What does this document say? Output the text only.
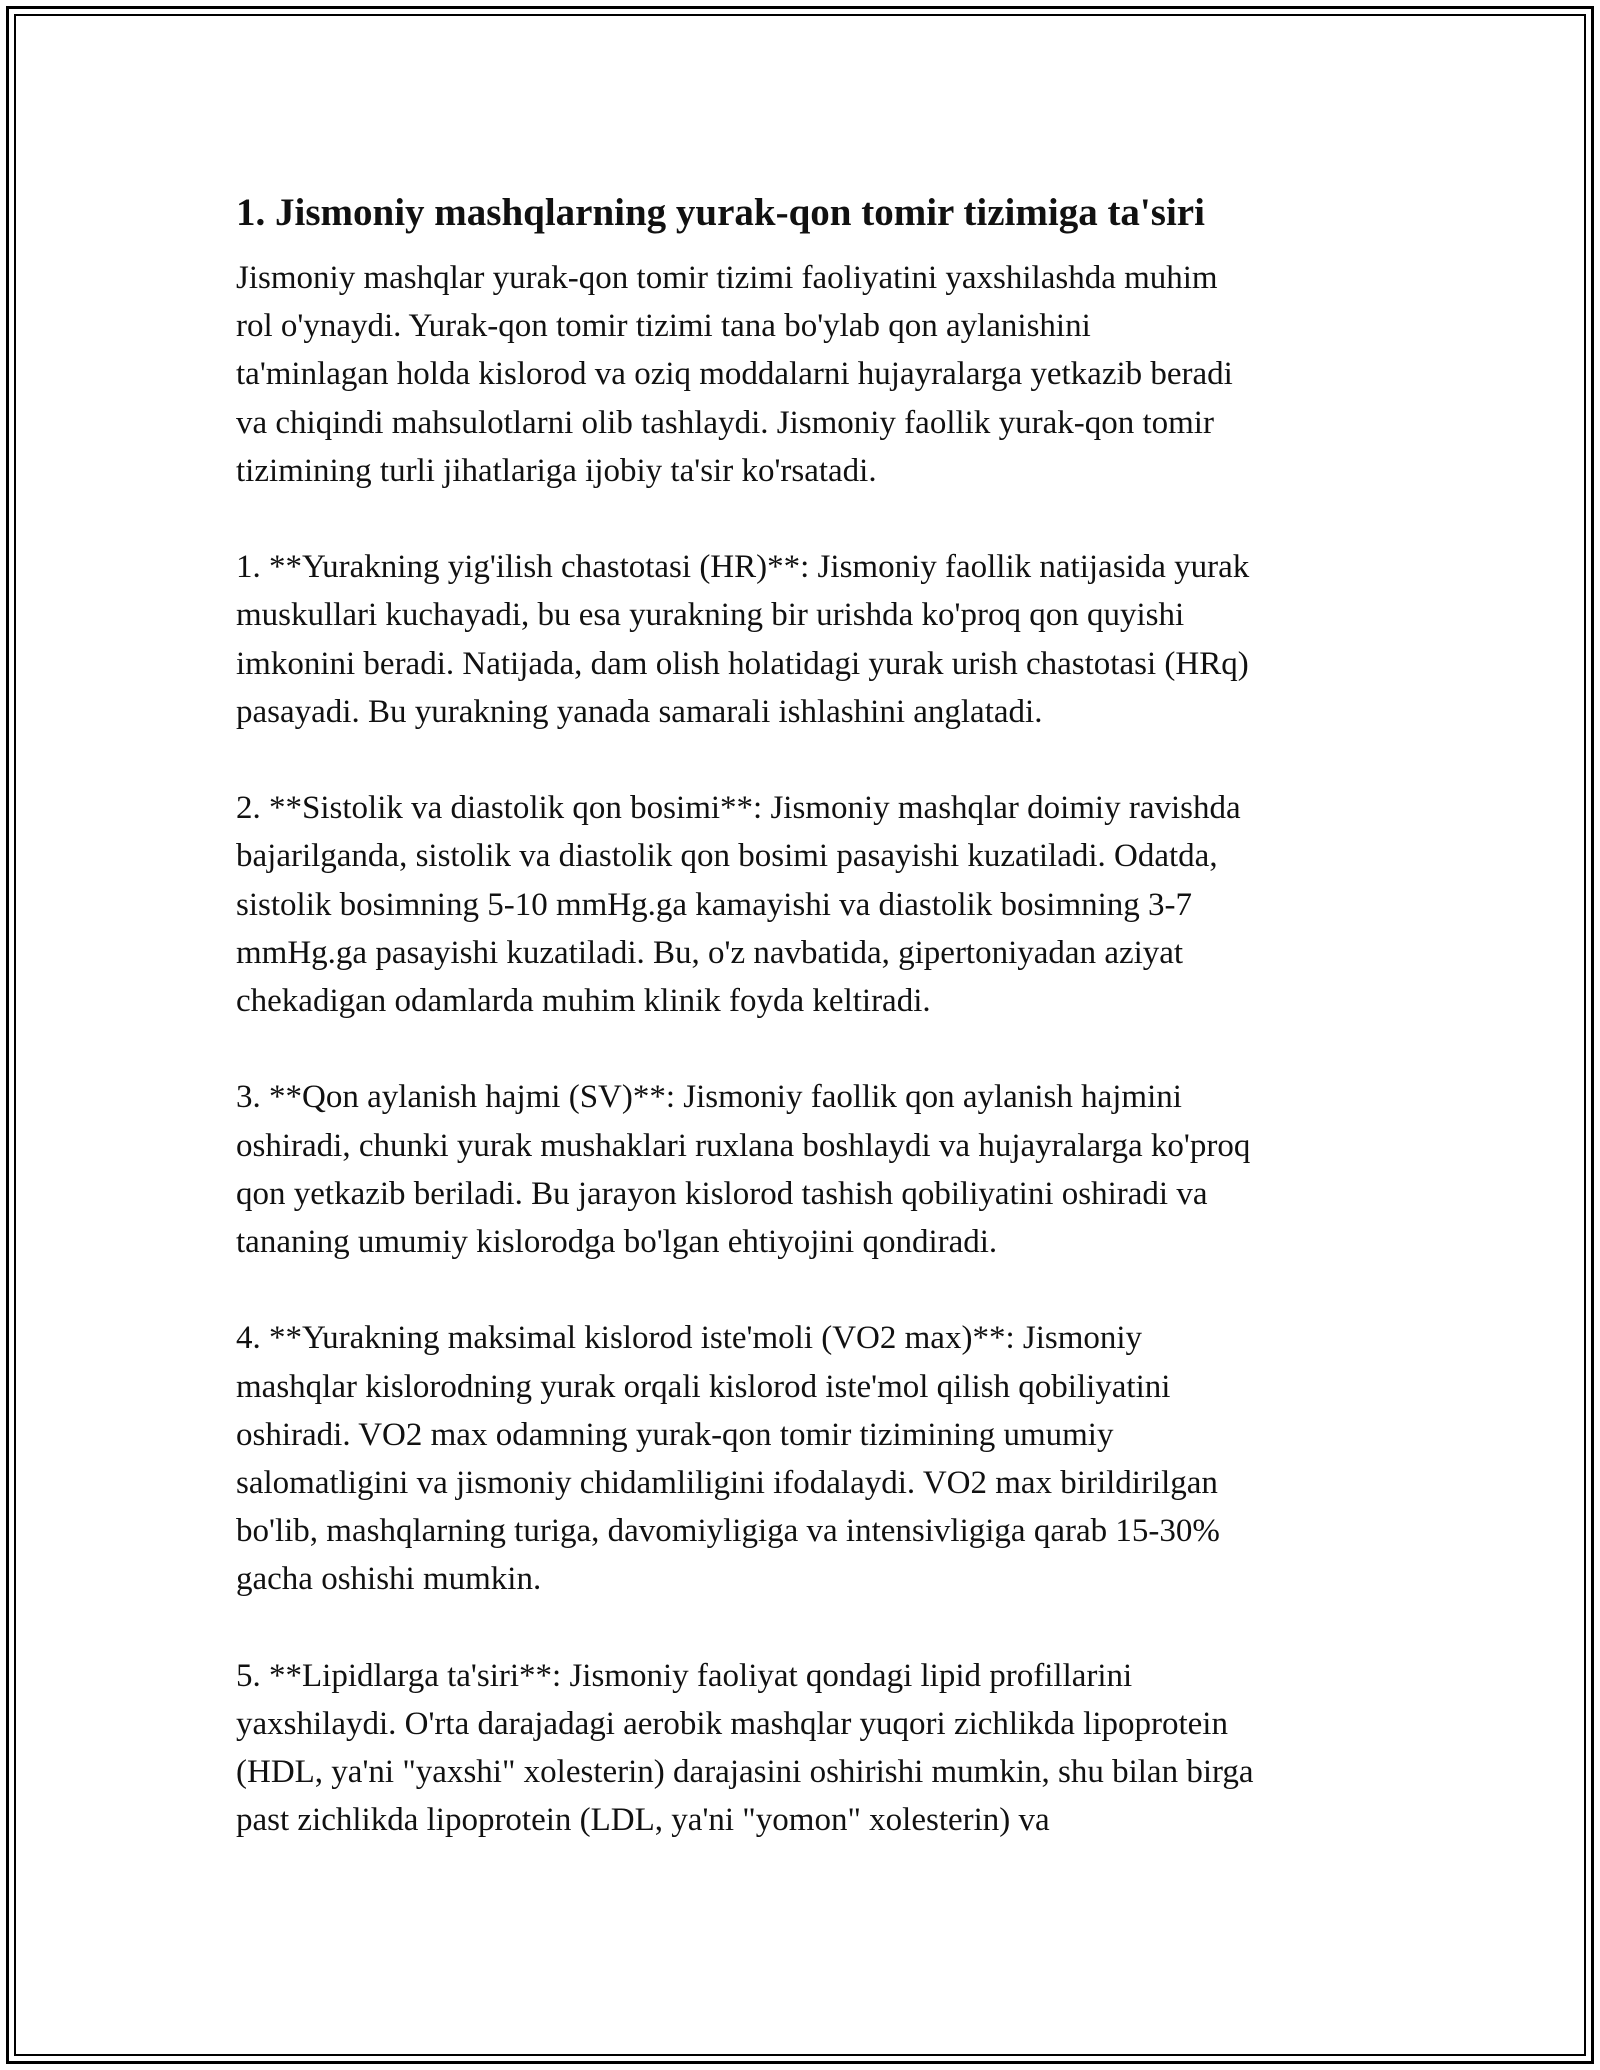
1. Jismoniy mashqlarning yurak-qon tomir tizimiga ta'siri

Jismoniy mashqlar yurak-qon tomir tizimi faoliyatini yaxshilashda muhim
rol o'ynaydi. Yurak-qon tomir tizimi tana bo'ylab qon aylanishini
ta'minlagan holda kislorod va oziq moddalarni hujayralarga yetkazib beradi
va chiqindi mahsulotlarni olib tashlaydi. Jismoniy faollik yurak-qon tomir
tizimining turli jihatlariga ijobiy ta'sir ko'rsatadi.

1. **Yurakning yig'ilish chastotasi (HR)**: Jismoniy faollik natijasida yurak
muskullari kuchayadi, bu esa yurakning bir urishda ko'proq qon quyishi
imkonini beradi. Natijada, dam olish holatidagi yurak urish chastotasi (HRq)
pasayadi. Bu yurakning yanada samarali ishlashini anglatadi.

2. **Sistolik va diastolik qon bosimi**: Jismoniy mashqlar doimiy ravishda
bajarilganda, sistolik va diastolik qon bosimi pasayishi kuzatiladi. Odatda,
sistolik bosimning 5-10 mmHg.ga kamayishi va diastolik bosimning 3-7
mmHg.ga pasayishi kuzatiladi. Bu, o'z navbatida, gipertoniyadan aziyat
chekadigan odamlarda muhim klinik foyda keltiradi.

3. **Qon aylanish hajmi (SV)**: Jismoniy faollik qon aylanish hajmini
oshiradi, chunki yurak mushaklari ruxlana boshlaydi va hujayralarga ko'proq
qon yetkazib beriladi. Bu jarayon kislorod tashish qobiliyatini oshiradi va
tananing umumiy kislorodga bo'lgan ehtiyojini qondiradi.

4. **Yurakning maksimal kislorod iste'moli (VO2 max)**: Jismoniy
mashqlar kislorodning yurak orqali kislorod iste'mol qilish qobiliyatini
oshiradi. VO2 max odamning yurak-qon tomir tizimining umumiy
salomatligini va jismoniy chidamliligini ifodalaydi. VO2 max birildirilgan
bo'lib, mashqlarning turiga, davomiyligiga va intensivligiga qarab 15-30%
gacha oshishi mumkin.

5. **Lipidlarga ta'siri**: Jismoniy faoliyat qondagi lipid profillarini
yaxshilaydi. O'rta darajadagi aerobik mashqlar yuqori zichlikda lipoprotein
(HDL, ya'ni "yaxshi" xolesterin) darajasini oshirishi mumkin, shu bilan birga
past zichlikda lipoprotein (LDL, ya'ni "yomon" xolesterin) va
